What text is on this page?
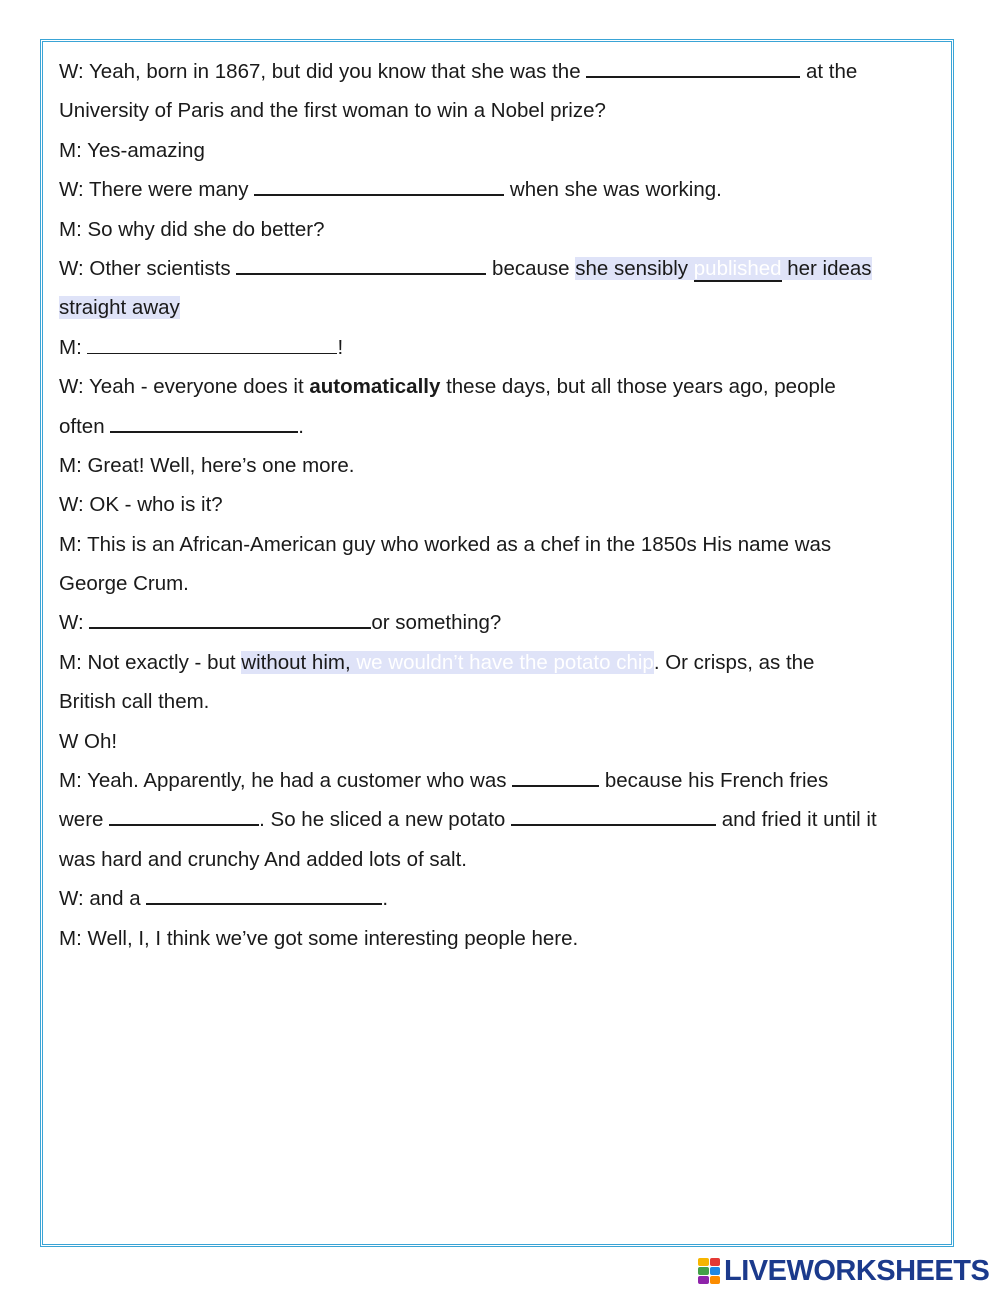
W: Yeah, born in 1867, but did you know that she was the	at the
University of Paris and the first woman to win a Nobel prize?
M: Yes-amazing
W: There were many	when she was working.
M: So why did she do better?
W: Other scientists	because she sensibly published her ideas
straight away
M:	!
W: Yeah - everyone does it automatically these days, but all those years ago, people
often	.
M: Great! Well, here’s one more.
W: OK - who is it?
M: This is an African-American guy who worked as a chef in the 1850s His name was
George Crum.
W:	or something?
M: Not exactly - but without him, we wouldn’t have the potato chip. Or crisps, as the
British call them.
W Oh!
M: Yeah. Apparently, he had a customer who was	because his French fries
were	. So he sliced a new potato	and fried it until it
was hard and crunchy And added lots of salt.
W: and a	.
M: Well, I, I think we’ve got some interesting people here.
LIVEWORKSHEETS
